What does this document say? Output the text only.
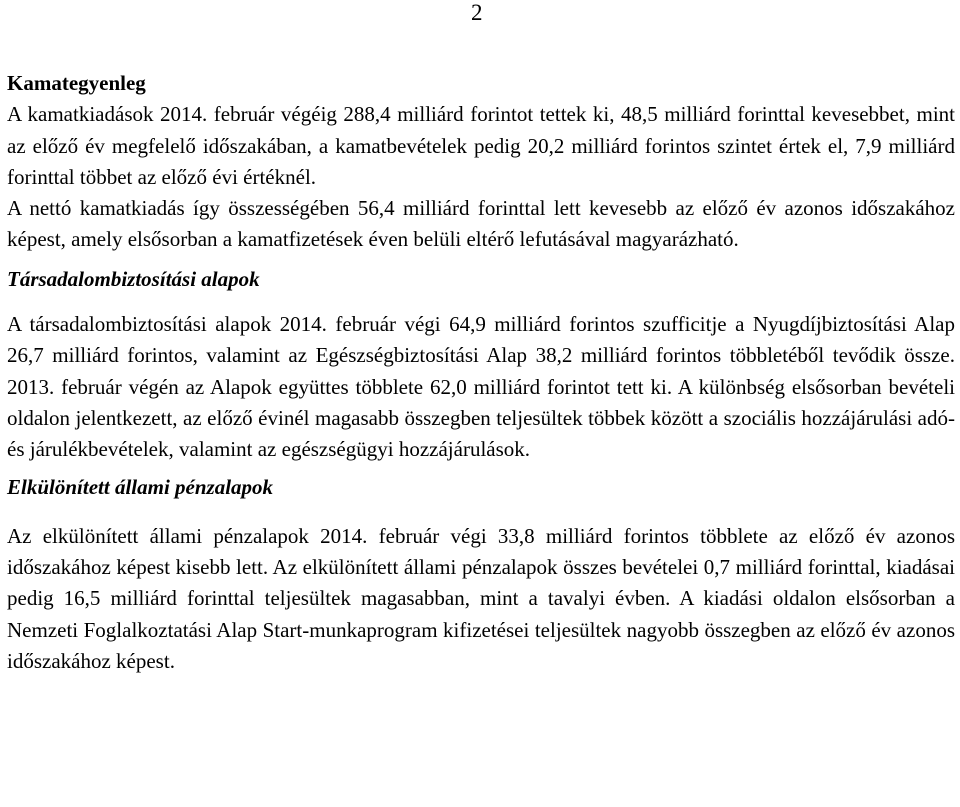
2
Kamategyenleg

A kamatkiadások 2014. február végéig 288,4 milliárd forintot tettek ki, 48,5 milliárd forinttal kevesebbet, mint az előző év megfelelő időszakában, a kamatbevételek pedig 20,2 milliárd forintos szintet értek el, 7,9 milliárd forinttal többet az előző évi értéknél.

A nettó kamatkiadás így összességében 56,4 milliárd forinttal lett kevesebb az előző év azonos időszakához képest, amely elsősorban a kamatfizetések éven belüli eltérő lefutásával magyarázható.

Társadalombiztosítási alapok

A társadalombiztosítási alapok 2014. február végi 64,9 milliárd forintos szufficitje a Nyugdíjbiztosítási Alap 26,7 milliárd forintos, valamint az Egészségbiztosítási Alap 38,2 milliárd forintos többletéből tevődik össze. 2013. február végén az Alapok együttes többlete 62,0 milliárd forintot tett ki. A különbség elsősorban bevételi oldalon jelentkezett, az előző évinél magasabb összegben teljesültek többek között a szociális hozzájárulási adó- és járulékbevételek, valamint az egészségügyi hozzájárulások.

Elkülönített állami pénzalapok

Az elkülönített állami pénzalapok 2014. február végi 33,8 milliárd forintos többlete az előző év azonos időszakához képest kisebb lett. Az elkülönített állami pénzalapok összes bevételei 0,7 milliárd forinttal, kiadásai pedig 16,5 milliárd forinttal teljesültek magasabban, mint a tavalyi évben. A kiadási oldalon elsősorban a Nemzeti Foglalkoztatási Alap Start-munkaprogram kifizetései teljesültek nagyobb összegben az előző év azonos időszakához képest.
